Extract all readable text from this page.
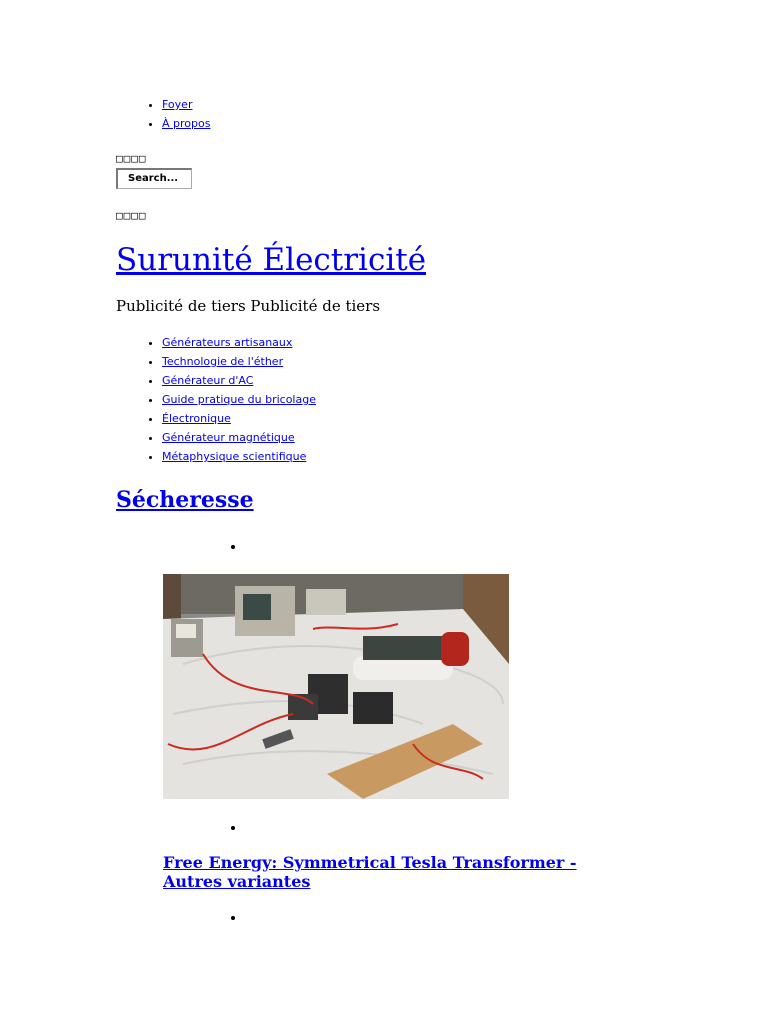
• Foyer
• À propos
□□□□
Search...
□□□□
Surunité Électricité

Publicité de tiers Publicité de tiers

• Générateurs artisanaux
• Technologie de l'éther
• Générateur d'AC
• Guide pratique du bricolage
• Électronique
• Générateur magnétique
• Métaphysique scientifique
Sécheresse
Free Energy: Symmetrical Tesla Transformer - Autres variantes
